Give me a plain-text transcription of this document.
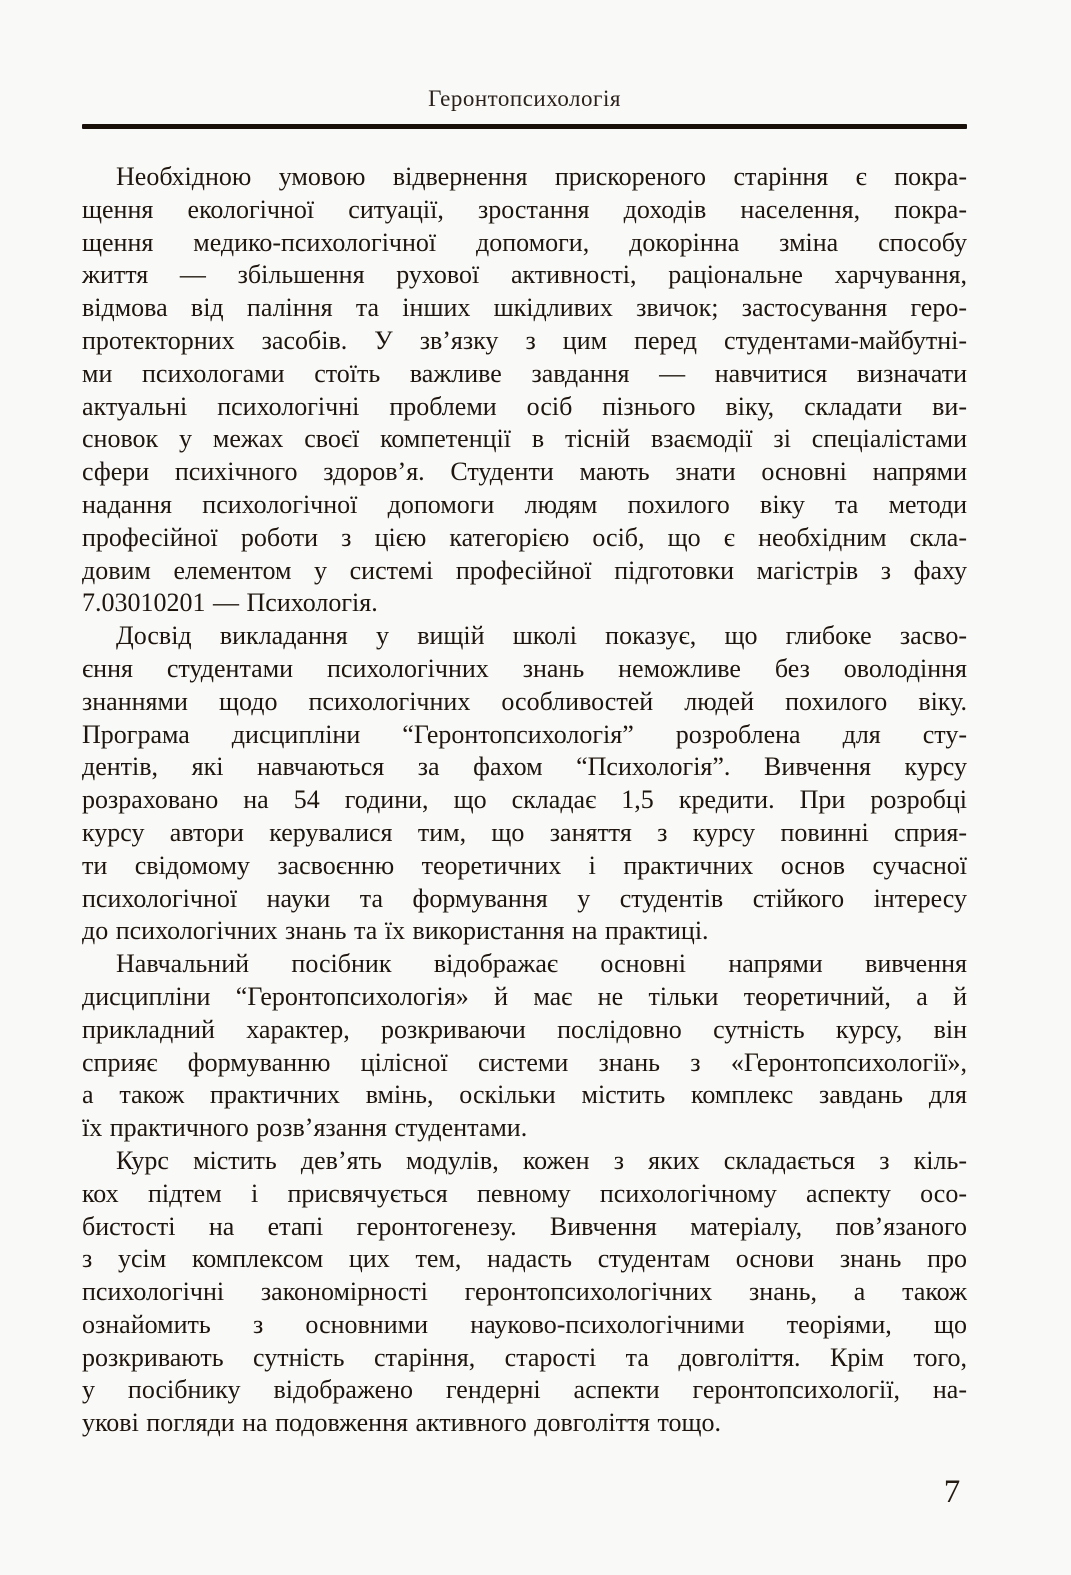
Геронтопсихологія
Необхідною умовою відвернення прискореного старіння є покра-
щення екологічної ситуації, зростання доходів населення, покра-
щення медико-психологічної допомоги, докорінна зміна способу
життя — збільшення рухової активності, раціональне харчування,
відмова від паління та інших шкідливих звичок; застосування геро-
протекторних засобів. У зв’язку з цим перед студентами-майбутні-
ми психологами стоїть важливе завдання — навчитися визначати
актуальні психологічні проблеми осіб пізнього віку, складати ви-
сновок у межах своєї компетенції в тісній взаємодії зі спеціалістами
сфери психічного здоров’я. Студенти мають знати основні напрями
надання психологічної допомоги людям похилого віку та методи
професійної роботи з цією категорією осіб, що є необхідним скла-
довим елементом у системі професійної підготовки магістрів з фаху
7.03010201 — Психологія.
Досвід викладання у вищій школі показує, що глибоке засво-
єння студентами психологічних знань неможливе без оволодіння
знаннями щодо психологічних особливостей людей похилого віку.
Програма дисципліни “Геронтопсихологія” розроблена для сту-
дентів, які навчаються за фахом “Психологія”. Вивчення курсу
розраховано на 54 години, що складає 1,5 кредити. При розробці
курсу автори керувалися тим, що заняття з курсу повинні сприя-
ти свідомому засвоєнню теоретичних і практичних основ сучасної
психологічної науки та формування у студентів стійкого інтересу
до психологічних знань та їх використання на практиці.
Навчальний посібник відображає основні напрями вивчення
дисципліни “Геронтопсихологія» й має не тільки теоретичний, а й
прикладний характер, розкриваючи послідовно сутність курсу, він
сприяє формуванню цілісної системи знань з «Геронтопсихології»,
а також практичних вмінь, оскільки містить комплекс завдань для
їх практичного розв’язання студентами.
Курс містить дев’ять модулів, кожен з яких складається з кіль-
кох підтем і присвячується певному психологічному аспекту осо-
бистості на етапі геронтогенезу. Вивчення матеріалу, пов’язаного
з усім комплексом цих тем, надасть студентам основи знань про
психологічні закономірності геронтопсихологічних знань, а також
ознайомить з основними науково-психологічними теоріями, що
розкривають сутність старіння, старості та довголіття. Крім того,
у посібнику відображено гендерні аспекти геронтопсихології, на-
укові погляди на подовження активного довголіття тощо.
7
